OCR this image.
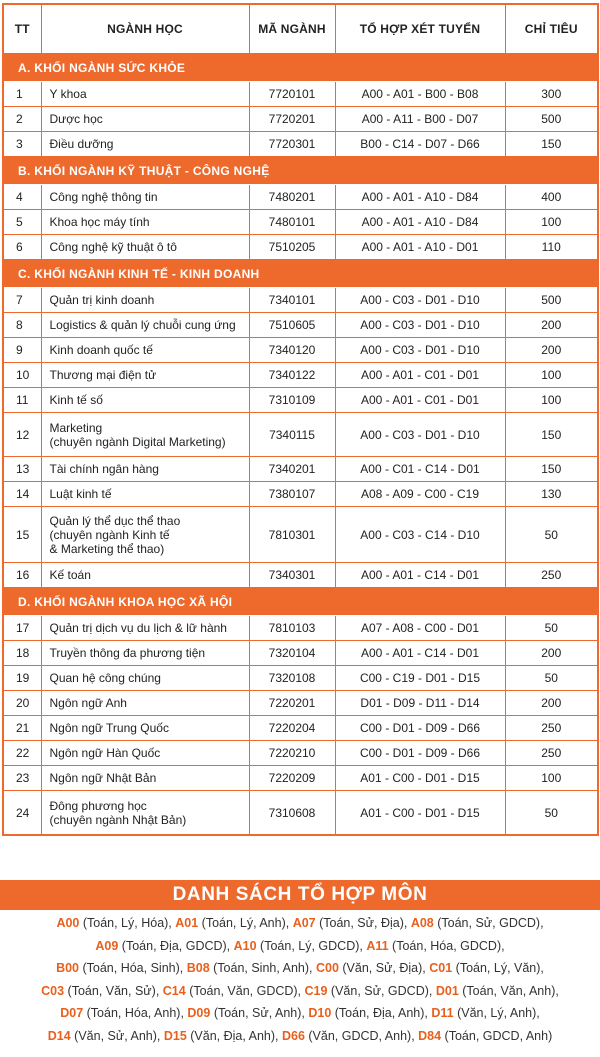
TT	NGÀNH HỌC	MÃ NGÀNH	TỔ HỢP XÉT TUYỂN	CHỈ TIÊU
A. KHỐI NGÀNH SỨC KHỎE				
1	Y khoa	7720101	A00 - A01 - B00 - B08	300
2	Dược học	7720201	A00 - A11 - B00 - D07	500
3	Điều dưỡng	7720301	B00 - C14 - D07 - D66	150
B. KHỐI NGÀNH KỸ THUẬT - CÔNG NGHỆ				
4	Công nghệ thông tin	7480201	A00 - A01 - A10 - D84	400
5	Khoa học máy tính	7480101	A00 - A01 - A10 - D84	100
6	Công nghệ kỹ thuật ô tô	7510205	A00 - A01 - A10 - D01	110
C. KHỐI NGÀNH KINH TẾ - KINH DOANH				
7	Quản trị kinh doanh	7340101	A00 - C03 - D01 - D10	500
8	Logistics & quản lý chuỗi cung ứng	7510605	A00 - C03 - D01 - D10	200
9	Kinh doanh quốc tế	7340120	A00 - C03 - D01 - D10	200
10	Thương mại điện tử	7340122	A00 - A01 - C01 - D01	100
11	Kinh tế số	7310109	A00 - A01 - C01 - D01	100
12	Marketing
(chuyên ngành Digital Marketing)	7340115	A00 - C03 - D01 - D10	150
13	Tài chính ngân hàng	7340201	A00 - C01 - C14 - D01	150
14	Luật kinh tế	7380107	A08 - A09 - C00 - C19	130
15	Quản lý thể dục thể thao
(chuyên ngành Kinh tế
& Marketing thể thao)	7810301	A00 - C03 - C14 - D10	50
16	Kế toán	7340301	A00 - A01 - C14 - D01	250
D. KHỐI NGÀNH KHOA HỌC XÃ HỘI				
17	Quản trị dịch vụ du lịch & lữ hành	7810103	A07 - A08 - C00 - D01	50
18	Truyền thông đa phương tiện	7320104	A00 - A01 - C14 - D01	200
19	Quan hệ công chúng	7320108	C00 - C19 - D01 - D15	50
20	Ngôn ngữ Anh	7220201	D01 - D09 - D11 - D14	200
21	Ngôn ngữ Trung Quốc	7220204	C00 - D01 - D09 - D66	250
22	Ngôn ngữ Hàn Quốc	7220210	C00 - D01 - D09 - D66	250
23	Ngôn ngữ Nhật Bản	7220209	A01 - C00 - D01 - D15	100
24	Đông phương học
(chuyên ngành Nhật Bản)	7310608	A01 - C00 - D01 - D15	50
DANH SÁCH TỔ HỢP MÔN
A00 (Toán, Lý, Hóa), A01 (Toán, Lý, Anh), A07 (Toán, Sử, Địa), A08 (Toán, Sử, GDCD),
A09 (Toán, Địa, GDCD), A10 (Toán, Lý, GDCD), A11 (Toán, Hóa, GDCD),
B00 (Toán, Hóa, Sinh), B08 (Toán, Sinh, Anh), C00 (Văn, Sử, Địa), C01 (Toán, Lý, Văn),
C03 (Toán, Văn, Sử), C14 (Toán, Văn, GDCD), C19 (Văn, Sử, GDCD), D01 (Toán, Văn, Anh),
D07 (Toán, Hóa, Anh), D09 (Toán, Sử, Anh), D10 (Toán, Địa, Anh), D11 (Văn, Lý, Anh),
D14 (Văn, Sử, Anh), D15 (Văn, Địa, Anh), D66 (Văn, GDCD, Anh), D84 (Toán, GDCD, Anh)
